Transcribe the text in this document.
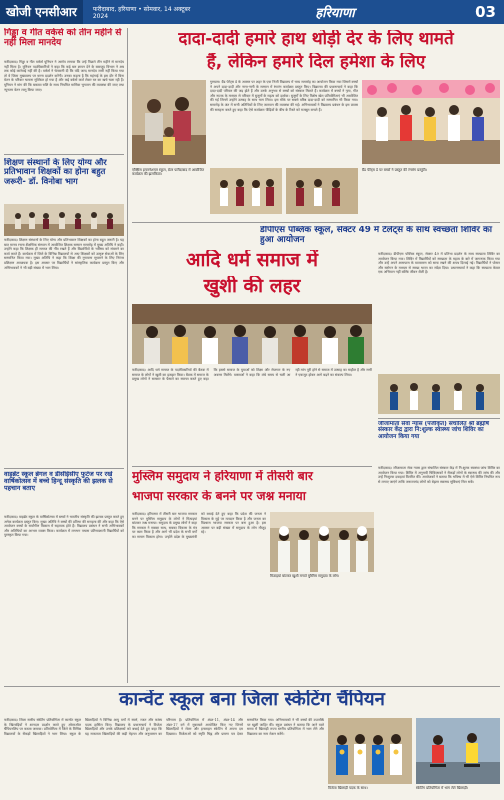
खोजी एनसीआर	फरीदाबाद, हरियाणा • सोमवार, 14 अक्टूबर 2024	हरियाणा	03
गिड्ढा व गीत वर्कर्स को तीन महीने से नहीं मिला मानदेय
फरीदाबाद। गिड्ढा व गीत वर्कर्स यूनियन ने आरोप लगाया कि उन्हें पिछले तीन महीने से मानदेय नहीं मिला है। यूनियन पदाधिकारियों ने कहा कि कई बार ज्ञापन देने के बावजूद विभाग ने अब तक कोई कार्रवाई नहीं की है। वर्कर्स ने चेतावनी दी कि यदि जल्द मानदेय जारी नहीं किया गया तो वे जिला मुख्यालय पर धरना प्रदर्शन करेंगी। उनका कहना है कि महंगाई के इस दौर में बिना वेतन के परिवार चलाना मुश्किल हो गया है और कई वर्कर्स कर्ज लेकर घर का खर्च चला रही हैं। यूनियन ने मांग की कि बकाया राशि के साथ नियमित मासिक भुगतान की व्यवस्था की जाए तथा न्यूनतम वेतन लागू किया जाए।
शिक्षण संस्थानों के लिए योग्य और प्रतिभावान शिक्षकों का होना बहुत जरूरी- डॉ. विनोबा भाग
फरीदाबाद। शिक्षण संस्थानों के लिए योग्य और प्रतिभावान शिक्षकों का होना बहुत जरूरी है। यह बात मानव रचना शैक्षणिक संस्थान में आयोजित शिक्षक सम्मान समारोह में मुख्य अतिथि ने कही। उन्होंने कहा कि शिक्षक ही समाज की नींव रखते हैं और विद्यार्थियों के भविष्य को संवारने का कार्य करते हैं। कार्यक्रम में जिले के विभिन्न विद्यालयों से आए शिक्षकों को उत्कृष्ट सेवाओं के लिए सम्मानित किया गया। मुख्य अतिथि ने कहा कि शिक्षा की गुणवत्ता सुधारने के लिए निरंतर प्रशिक्षण आवश्यक है। इस अवसर पर विद्यार्थियों ने सांस्कृतिक कार्यक्रम प्रस्तुत किए और अभिभावकों ने भी बड़ी संख्या में भाग लिया।
वाइब्रेंट स्कूल ब्रेगल व डीसीईसीए फुटेज पर रखे वार्षिकोत्सव में बच्चे हिन्दू संस्कृति की झलक से पहचान बताए
फरीदाबाद। वाइब्रेंट स्कूल के वार्षिकोत्सव में बच्चों ने भारतीय संस्कृति की झलक प्रस्तुत करते हुए अनेक कार्यक्रम प्रस्तुत किए। मुख्य अतिथि ने बच्चों की प्रतिभा की सराहना की और कहा कि ऐसे आयोजन बच्चों के सर्वांगीण विकास में सहायक होते हैं। विद्यालय प्रबंधन ने सभी अभिभावकों और अतिथियों का आभार व्यक्त किया। कार्यक्रम में लगभग पचास प्रतिभाशाली विद्यार्थियों को पुरस्कृत किया गया।
दादा-दादी हमारे हाथ थोड़ी देर के लिए थामते
हैं, लेकिन हमारे दिल हमेशा के लिए
गुरुग्राम। ग्रैंड पेरेंट्स डे के अवसर पर शहर के एक निजी विद्यालय में भव्य समारोह का आयोजन किया गया जिसमें बच्चों ने अपने दादा-दादी और नाना-नानी के सम्मान में रंगारंग कार्यक्रम प्रस्तुत किए। विद्यालय की प्रधानाचार्य ने कहा कि दादा-दादी परिवार की जड़ होते हैं और उनके अनुभव से बच्चों को संस्कार मिलते हैं। कार्यक्रम में बच्चों ने नृत्य, गीत और नाटक के माध्यम से परिवार में बुजुर्गों के महत्व को दर्शाया। बुजुर्गों के लिए विशेष खेल प्रतियोगिताएं भी आयोजित की गईं जिनमें उन्होंने उत्साह के साथ भाग लिया। इस मौके पर सबसे वरिष्ठ दादा-दादी को सम्मानित भी किया गया। समारोह के अंत में सभी अतिथियों के लिए जलपान की व्यवस्था की गई। अभिभावकों ने विद्यालय प्रबंधन के इस प्रयास की सराहना करते हुए कहा कि ऐसे कार्यक्रम पीढ़ियों के बीच के रिश्ते को मजबूत बनाते हैं।
एक्सिस इन्टरनेशनल स्कूल, ग्रेटर फरीदाबाद में आयोजित कार्यक्रम की झलकियां।
ग्रैंड पेरेंट्स डे पर बच्चों ने प्रस्तुत की रंगारंग प्रस्तुति।
डीपीएस पब्लिक स्कूल, सेक्टर 49 में टैलेंट्स के साथ स्वच्छता शिविर का हुआ आयोजन
आदि धर्म समाज में
खुशी की लहर
फरीदाबाद। आदि धर्म समाज के पदाधिकारियों की बैठक में समाज के लोगों ने खुशी का इजहार किया। बैठक में समाज के प्रमुख लोगों ने सरकार के फैसले का स्वागत करते हुए कहा कि इससे समाज के युवाओं को शिक्षा और रोजगार के नए अवसर मिलेंगे। वक्ताओं ने कहा कि लंबे समय से चली आ रही मांग पूरी होने से समाज में उत्साह का माहौल है और सभी ने एकजुट होकर आगे बढ़ने का संकल्प लिया।
फरीदाबाद। डीपीएस पब्लिक स्कूल, सेक्टर 49 में प्रतिभा प्रदर्शन के साथ स्वच्छता शिविर का आयोजन किया गया। शिविर में विद्यार्थियों को स्वच्छता के महत्व के बारे में जागरूक किया गया और उन्हें अपने आसपास के वातावरण को साफ रखने की शपथ दिलाई गई। विद्यार्थियों ने पोस्टर और स्लोगन के माध्यम से स्वच्छ भारत का संदेश दिया। प्रधानाचार्या ने कहा कि स्वच्छता केवल एक अभियान नहीं बल्कि जीवन शैली है।
जीजामाता सेवा न्यास (पंजीकृत) संचालित श्री ब्रह्मर्षि संस्कार केंद्र द्वारा नि:शुल्क स्वास्थ्य जांच शिविर का आयोजन किया गया
फरीदाबाद। जीजामाता सेवा न्यास द्वारा संचालित संस्कार केंद्र में नि:शुल्क स्वास्थ्य जांच शिविर का आयोजन किया गया। शिविर में अनुभवी चिकित्सकों ने सैकड़ों लोगों के स्वास्थ्य की जांच की और उन्हें निःशुल्क दवाइयां वितरित कीं। आयोजकों ने बताया कि भविष्य में भी ऐसे शिविर नियमित रूप से लगाए जाएंगे ताकि जरूरतमंद लोगों को बेहतर स्वास्थ्य सुविधाएं मिल सकें।
मुस्लिम समुदाय ने हरियाणा में तीसरी बार
भाजपा सरकार के बनने पर जश्न मनाया
फरीदाबाद। हरियाणा में तीसरी बार भाजपा सरकार बनने पर मुस्लिम समुदाय के लोगों ने मिठाइयां बांटकर जश्न मनाया। समुदाय के प्रमुख लोगों ने कहा कि सरकार ने सबका साथ, सबका विकास के मंत्र पर काम किया है और आगे भी प्रदेश के सभी वर्गों का समान विकास होगा। उन्होंने प्रदेश के मुख्यमंत्री को बधाई देते हुए कहा कि प्रदेश की जनता ने विकास के मुद्दे पर मतदान किया है और जनता का विश्वास भाजपा सरकार पर बना हुआ है। इस अवसर पर बड़ी संख्या में समुदाय के लोग मौजूद रहे।
मिठाइयां बांटकर खुशी मनाते मुस्लिम समुदाय के लोग।
कान्वेंट स्कूल बना जिला स्केटिंग चैंपियन
फरीदाबाद। जिला स्तरीय स्केटिंग प्रतियोगिता में कान्वेंट स्कूल के खिलाड़ियों ने शानदार प्रदर्शन करते हुए ओवरऑल चैंपियनशिप पर कब्जा जमाया। प्रतियोगिता में जिले के विभिन्न विद्यालयों के सैकड़ों खिलाड़ियों ने भाग लिया। स्कूल के खिलाड़ियों ने विभिन्न आयु वर्गों में स्वर्ण, रजत और कांस्य पदक हासिल किए। विद्यालय के प्रधानाचार्य ने विजेता खिलाड़ियों और उनके प्रशिक्षकों को बधाई देते हुए कहा कि यह सफलता खिलाड़ियों की कड़ी मेहनत और अनुशासन का परिणाम है। प्रतियोगिता में अंडर-11, अंडर-14 और अंडर-17 वर्ग में मुकाबले आयोजित किए गए जिनमें खिलाड़ियों ने रोलर और इनलाइन स्केटिंग में अपना दम दिखाया। विजेताओं को स्मृति चिह्न और प्रमाण पत्र देकर सम्मानित किया गया। अभिभावकों ने भी बच्चों की उपलब्धि पर खुशी जाहिर की। स्कूल प्रबंधन ने बताया कि आने वाले समय में खिलाड़ी राज्य स्तरीय प्रतियोगिता में भाग लेंगे और विद्यालय का नाम रोशन करेंगे।
विजेता खिलाड़ी पदक के साथ।	स्केटिंग प्रतियोगिता में भाग लेते खिलाड़ी।
